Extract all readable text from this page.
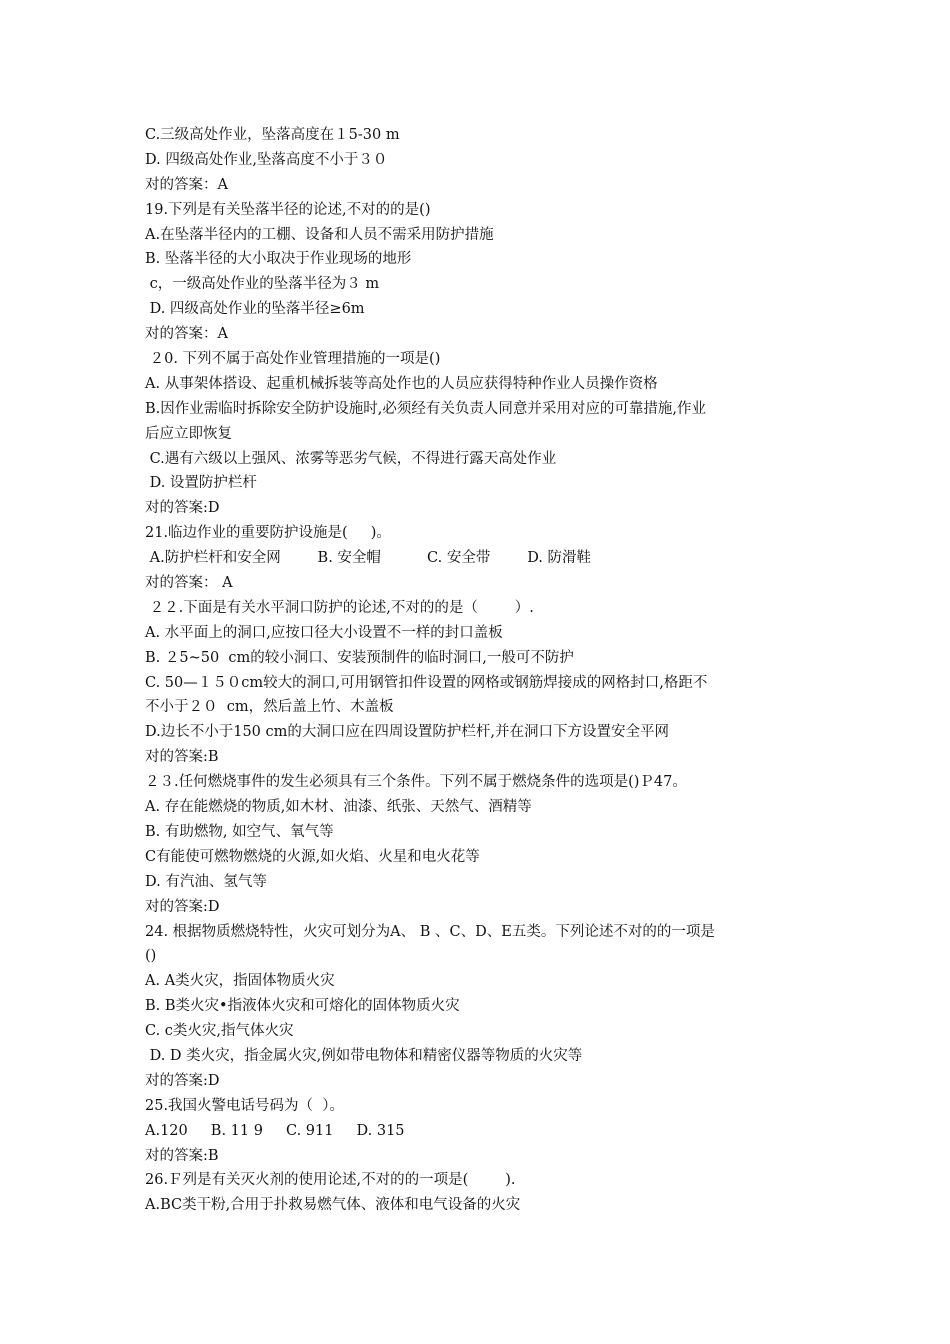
C.三级高处作业，坠落高度在１5-30 m
D. 四级高处作业,坠落高度不小于３０
对的答案：A
19.下列是有关坠落半径的论述,不对的的是()
A.在坠落半径内的工棚、设备和人员不需采用防护措施
B. 坠落半径的大小取决于作业现场的地形
c，一级高处作业的坠落半径为３ m
D. 四级高处作业的坠落半径≥6m
对的答案：A
２0. 下列不属于高处作业管理措施的一项是()
A. 从事架体搭设、起重机械拆装等高处作也的人员应获得特种作业人员操作资格
B.因作业需临时拆除安全防护设施时,必须经有关负责人同意并采用对应的可靠措施,作业
后应立即恢复
C.遇有六级以上强风、浓雾等恶劣气候，不得进行露天高处作业
D. 设置防护栏杆
对的答案:D
21.临边作业的重要防护设施是(     )。
A.防护栏杆和安全网        B. 安全帽          C. 安全带        D. 防滑鞋
对的答案： A
２２.下面是有关水平洞口防护的论述,不对的的是（        ）.
A. 水平面上的洞口,应按口径大小设置不一样的封口盖板
B. ２5~50  cm的较小洞口、安装预制件的临时洞口,一般可不防护
C. 50—１５０cm较大的洞口,可用钢管扣件设置的网格或钢筋焊接成的网格封口,格距不
不小于２０  cm，然后盖上竹、木盖板
D.边长不小于150 cm的大洞口应在四周设置防护栏杆,并在洞口下方设置安全平网
对的答案:B
２３.任何燃烧事件的发生必须具有三个条件。下列不属于燃烧条件的选项是()Ｐ47。
A. 存在能燃烧的物质,如木材、油漆、纸张、天然气、酒精等
B. 有助燃物, 如空气、氧气等
C有能使可燃物燃烧的火源,如火焰、火星和电火花等
D. 有汽油、氢气等
对的答案:D
24. 根据物质燃烧特性，火灾可划分为A、 B 、C、D、E五类。下列论述不对的的一项是
()
A. A类火灾，指固体物质火灾
B. B类火灾•指液体火灾和可熔化的固体物质火灾
C. c类火灾,指气体火灾
D. D 类火灾，指金属火灾,例如带电物体和精密仪器等物质的火灾等
对的答案:D
25.我国火警电话号码为（  ）。
A.120     B. 11 9     C. 911     D. 315
对的答案:B
26.Ｆ列是有关灭火剂的使用论述,不对的的一项是(        ).
A.BC类干粉,合用于扑救易燃气体、液体和电气设备的火灾
